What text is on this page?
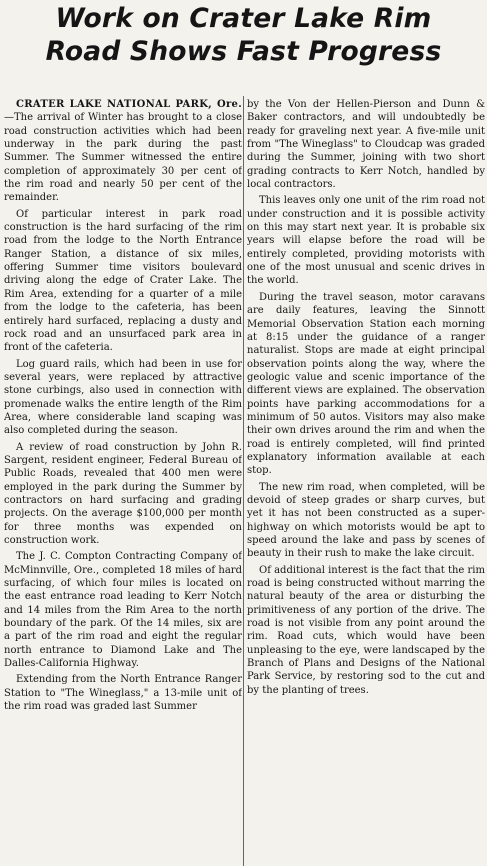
Work on Crater Lake Rim
Road Shows Fast Progress

CRATER LAKE NATIONAL PARK, Ore.—The arrival of Winter has brought to a close road construction activities which had been underway in the park during the past Summer. The Summer witnessed the entire completion of approximately 30 per cent of the rim road and nearly 50 per cent of the remainder.

Of particular interest in park road construction is the hard surfacing of the rim road from the lodge to the North Entrance Ranger Station, a distance of six miles, offering Summer time visitors boulevard driving along the edge of Crater Lake. The Rim Area, extending for a quarter of a mile from the lodge to the cafeteria, has been entirely hard surfaced, replacing a dusty and rock road and an unsurfaced park area in front of the cafeteria.

Log guard rails, which had been in use for several years, were replaced by attractive stone curbings, also used in connection with promenade walks the entire length of the Rim Area, where considerable land scaping was also completed during the season.

A review of road construction by John R. Sargent, resident engineer, Federal Bureau of Public Roads, revealed that 400 men were employed in the park during the Summer by contractors on hard surfacing and grading projects. On the average $100,000 per month for three months was expended on construction work.

The J. C. Compton Contracting Company of McMinnville, Ore., completed 18 miles of hard surfacing, of which four miles is located on the east entrance road leading to Kerr Notch and 14 miles from the Rim Area to the north boundary of the park. Of the 14 miles, six are a part of the rim road and eight the regular north entrance to Diamond Lake and The Dalles-California Highway.

Extending from the North Entrance Ranger Station to "The Wineglass," a 13-mile unit of the rim road was graded last Summer

by the Von der Hellen-Pierson and Dunn & Baker contractors, and will undoubtedly be ready for graveling next year. A five-mile unit from "The Wineglass" to Cloudcap was graded during the Summer, joining with two short grading contracts to Kerr Notch, handled by local contractors.

This leaves only one unit of the rim road not under construction and it is possible activity on this may start next year. It is probable six years will elapse before the road will be entirely completed, providing motorists with one of the most unusual and scenic drives in the world.

During the travel season, motor caravans are daily features, leaving the Sinnott Memorial Observation Station each morning at 8:15 under the guidance of a ranger naturalist. Stops are made at eight principal observation points along the way, where the geologic value and scenic importance of the different views are explained. The observation points have parking accommodations for a minimum of 50 autos. Visitors may also make their own drives around the rim and when the road is entirely completed, will find printed explanatory information available at each stop.

The new rim road, when completed, will be devoid of steep grades or sharp curves, but yet it has not been constructed as a super-highway on which motorists would be apt to speed around the lake and pass by scenes of beauty in their rush to make the lake circuit.

Of additional interest is the fact that the rim road is being constructed without marring the natural beauty of the area or disturbing the primitiveness of any portion of the drive. The road is not visible from any point around the rim. Road cuts, which would have been unpleasing to the eye, were landscaped by the Branch of Plans and Designs of the National Park Service, by restoring sod to the cut and by the planting of trees.
